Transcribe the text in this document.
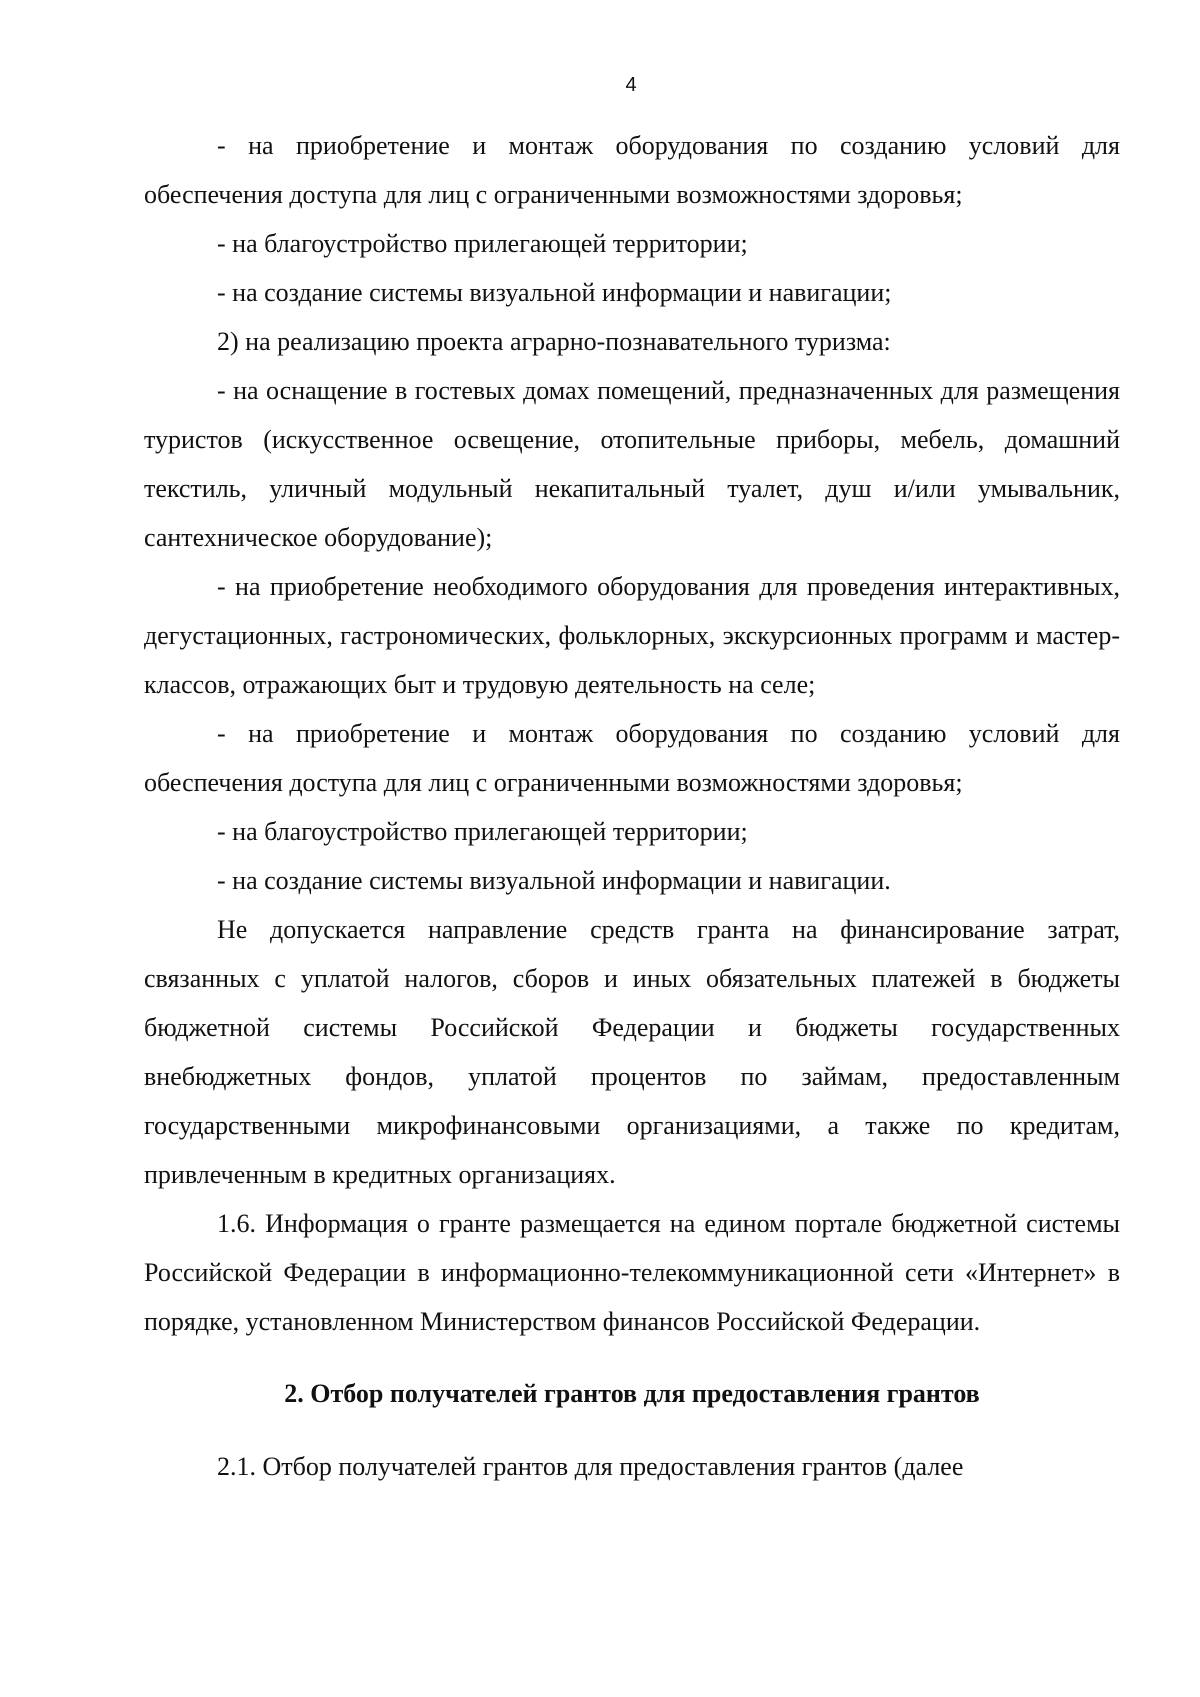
4

- на приобретение и монтаж оборудования по созданию условий для обеспечения доступа для лиц с ограниченными возможностями здоровья;

- на благоустройство прилегающей территории;

- на создание системы визуальной информации и навигации;

2) на реализацию проекта аграрно-познавательного туризма:

- на оснащение в гостевых домах помещений, предназначенных для размещения туристов (искусственное освещение, отопительные приборы, мебель, домашний текстиль, уличный модульный некапитальный туалет, душ и/или умывальник, сантехническое оборудование);

- на приобретение необходимого оборудования для проведения интерактивных, дегустационных, гастрономических, фольклорных, экскурсионных программ и мастер-классов, отражающих быт и трудовую деятельность на селе;

- на приобретение и монтаж оборудования по созданию условий для обеспечения доступа для лиц с ограниченными возможностями здоровья;

- на благоустройство прилегающей территории;

- на создание системы визуальной информации и навигации.

Не допускается направление средств гранта на финансирование затрат, связанных с уплатой налогов, сборов и иных обязательных платежей в бюджеты бюджетной системы Российской Федерации и бюджеты государственных внебюджетных фондов, уплатой процентов по займам, предоставленным государственными микрофинансовыми организациями, а также по кредитам, привлеченным в кредитных организациях.

1.6. Информация о гранте размещается на едином портале бюджетной системы Российской Федерации в информационно-телекоммуникационной сети «Интернет» в порядке, установленном Министерством финансов Российской Федерации.

2. Отбор получателей грантов для предоставления грантов

2.1. Отбор получателей грантов для предоставления грантов (далее
